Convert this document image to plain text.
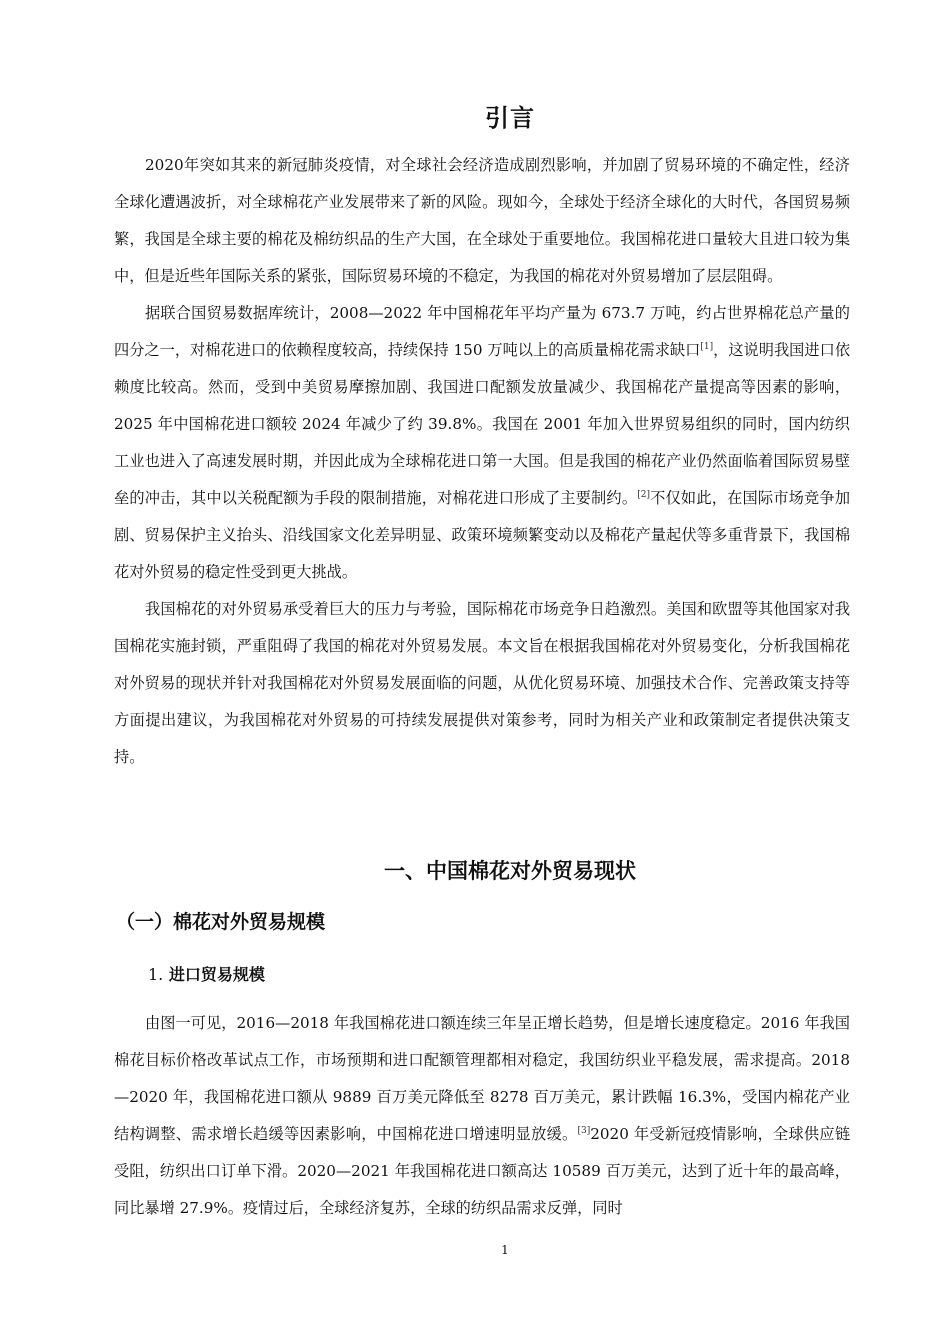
引言

2020年突如其来的新冠肺炎疫情，对全球社会经济造成剧烈影响，并加剧了贸易环境的不确定性，经济全球化遭遇波折，对全球棉花产业发展带来了新的风险。现如今，全球处于经济全球化的大时代，各国贸易频繁，我国是全球主要的棉花及棉纺织品的生产大国，在全球处于重要地位。我国棉花进口量较大且进口较为集中，但是近些年国际关系的紧张，国际贸易环境的不稳定，为我国的棉花对外贸易增加了层层阻碍。

据联合国贸易数据库统计，2008—2022 年中国棉花年平均产量为 673.7 万吨，约占世界棉花总产量的四分之一，对棉花进口的依赖程度较高，持续保持 150 万吨以上的高质量棉花需求缺口[1]，这说明我国进口依赖度比较高。然而，受到中美贸易摩擦加剧、我国进口配额发放量减少、我国棉花产量提高等因素的影响，2025 年中国棉花进口额较 2024 年减少了约 39.8%。我国在 2001 年加入世界贸易组织的同时，国内纺织工业也进入了高速发展时期，并因此成为全球棉花进口第一大国。但是我国的棉花产业仍然面临着国际贸易壁垒的冲击，其中以关税配额为手段的限制措施，对棉花进口形成了主要制约。[2]不仅如此，在国际市场竞争加剧、贸易保护主义抬头、沿线国家文化差异明显、政策环境频繁变动以及棉花产量起伏等多重背景下，我国棉花对外贸易的稳定性受到更大挑战。

我国棉花的对外贸易承受着巨大的压力与考验，国际棉花市场竞争日趋激烈。美国和欧盟等其他国家对我国棉花实施封锁，严重阻碍了我国的棉花对外贸易发展。本文旨在根据我国棉花对外贸易变化，分析我国棉花对外贸易的现状并针对我国棉花对外贸易发展面临的问题，从优化贸易环境、加强技术合作、完善政策支持等方面提出建议，为我国棉花对外贸易的可持续发展提供对策参考，同时为相关产业和政策制定者提供决策支持。

一、中国棉花对外贸易现状
（一）棉花对外贸易规模
1. 进口贸易规模

由图一可见，2016—2018 年我国棉花进口额连续三年呈正增长趋势，但是增长速度稳定。2016 年我国棉花目标价格改革试点工作，市场预期和进口配额管理都相对稳定，我国纺织业平稳发展，需求提高。2018—2020 年，我国棉花进口额从 9889 百万美元降低至 8278 百万美元，累计跌幅 16.3%，受国内棉花产业结构调整、需求增长趋缓等因素影响，中国棉花进口增速明显放缓。[3]2020 年受新冠疫情影响，全球供应链受阻，纺织出口订单下滑。2020—2021 年我国棉花进口额高达 10589 百万美元，达到了近十年的最高峰，同比暴增 27.9%。疫情过后，全球经济复苏，全球的纺织品需求反弹，同时

1
